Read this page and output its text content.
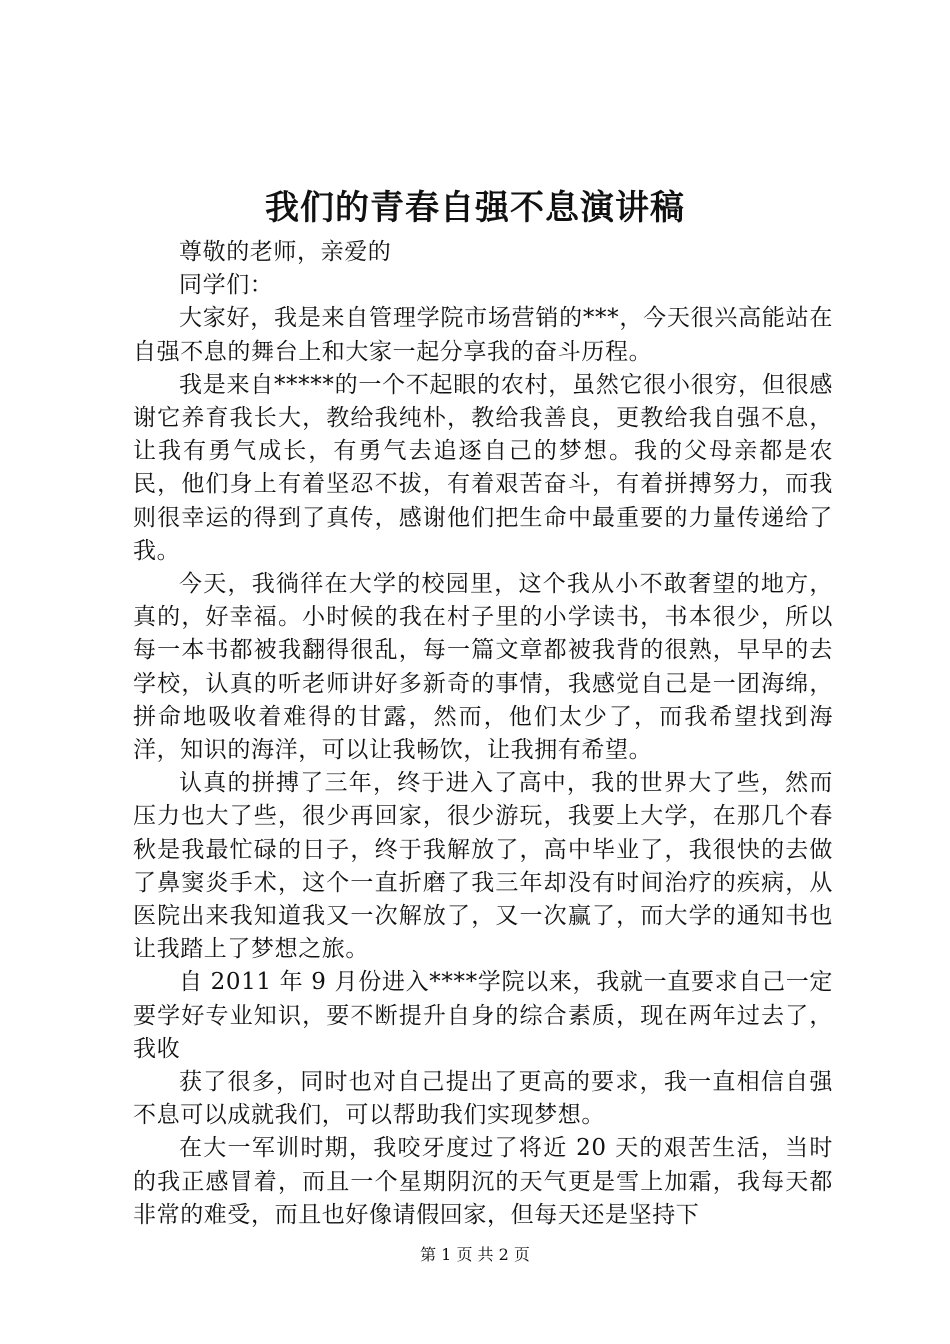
我们的青春自强不息演讲稿

尊敬的老师，亲爱的

同学们：

大家好，我是来自管理学院市场营销的***，今天很兴高能站在自强不息的舞台上和大家一起分享我的奋斗历程。

我是来自*****的一个不起眼的农村，虽然它很小很穷，但很感谢它养育我长大，教给我纯朴，教给我善良，更教给我自强不息，让我有勇气成长，有勇气去追逐自己的梦想。我的父母亲都是农民，他们身上有着坚忍不拔，有着艰苦奋斗，有着拼搏努力，而我则很幸运的得到了真传，感谢他们把生命中最重要的力量传递给了我。

今天，我徜徉在大学的校园里，这个我从小不敢奢望的地方，真的，好幸福。小时候的我在村子里的小学读书，书本很少，所以每一本书都被我翻得很乱，每一篇文章都被我背的很熟，早早的去学校，认真的听老师讲好多新奇的事情，我感觉自己是一团海绵，拼命地吸收着难得的甘露，然而，他们太少了，而我希望找到海洋，知识的海洋，可以让我畅饮，让我拥有希望。

认真的拼搏了三年，终于进入了高中，我的世界大了些，然而压力也大了些，很少再回家，很少游玩，我要上大学，在那几个春秋是我最忙碌的日子，终于我解放了，高中毕业了，我很快的去做了鼻窦炎手术，这个一直折磨了我三年却没有时间治疗的疾病，从医院出来我知道我又一次解放了，又一次赢了，而大学的通知书也让我踏上了梦想之旅。

自 2011 年 9 月份进入****学院以来，我就一直要求自己一定要学好专业知识，要不断提升自身的综合素质，现在两年过去了，我收

获了很多，同时也对自己提出了更高的要求，我一直相信自强不息可以成就我们，可以帮助我们实现梦想。

在大一军训时期，我咬牙度过了将近 20 天的艰苦生活，当时的我正感冒着，而且一个星期阴沉的天气更是雪上加霜，我每天都非常的难受，而且也好像请假回家，但每天还是坚持下

第 1 页 共 2 页
